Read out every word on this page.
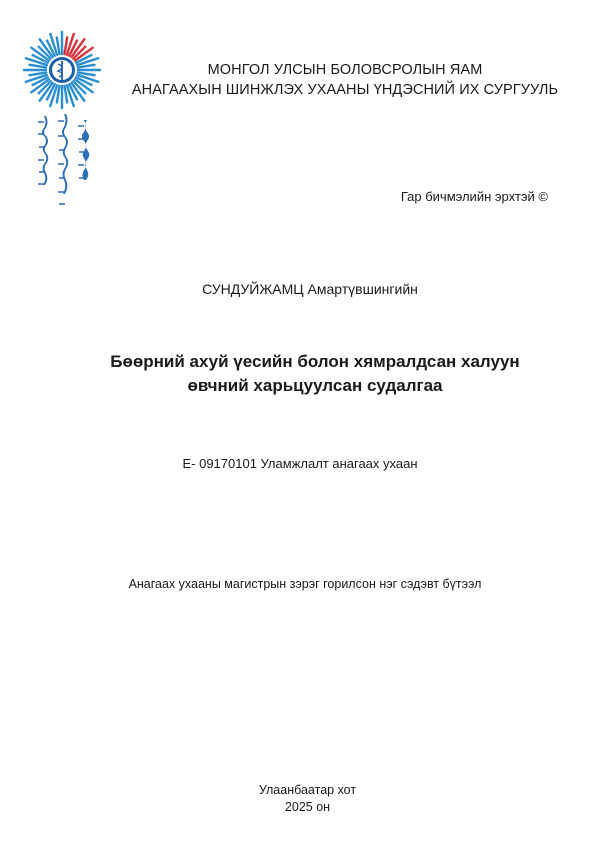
МОНГОЛ УЛСЫН БОЛОВСРОЛЫН ЯАМ
АНАГААХЫН ШИНЖЛЭХ УХААНЫ ҮНДЭСНИЙ ИХ СУРГУУЛЬ
Гар бичмэлийн эрхтэй ©
СУНДУЙЖАМЦ Амартүвшингийн
Бөөрний ахуй үесийн болон хямралдсан халуун
өвчний харьцуулсан судалгаа
Е- 09170101 Уламжлалт анагаах ухаан
Анагаах ухааны магистрын зэрэг горилсон нэг сэдэвт бүтээл
Улаанбаатар хот
2025 он
